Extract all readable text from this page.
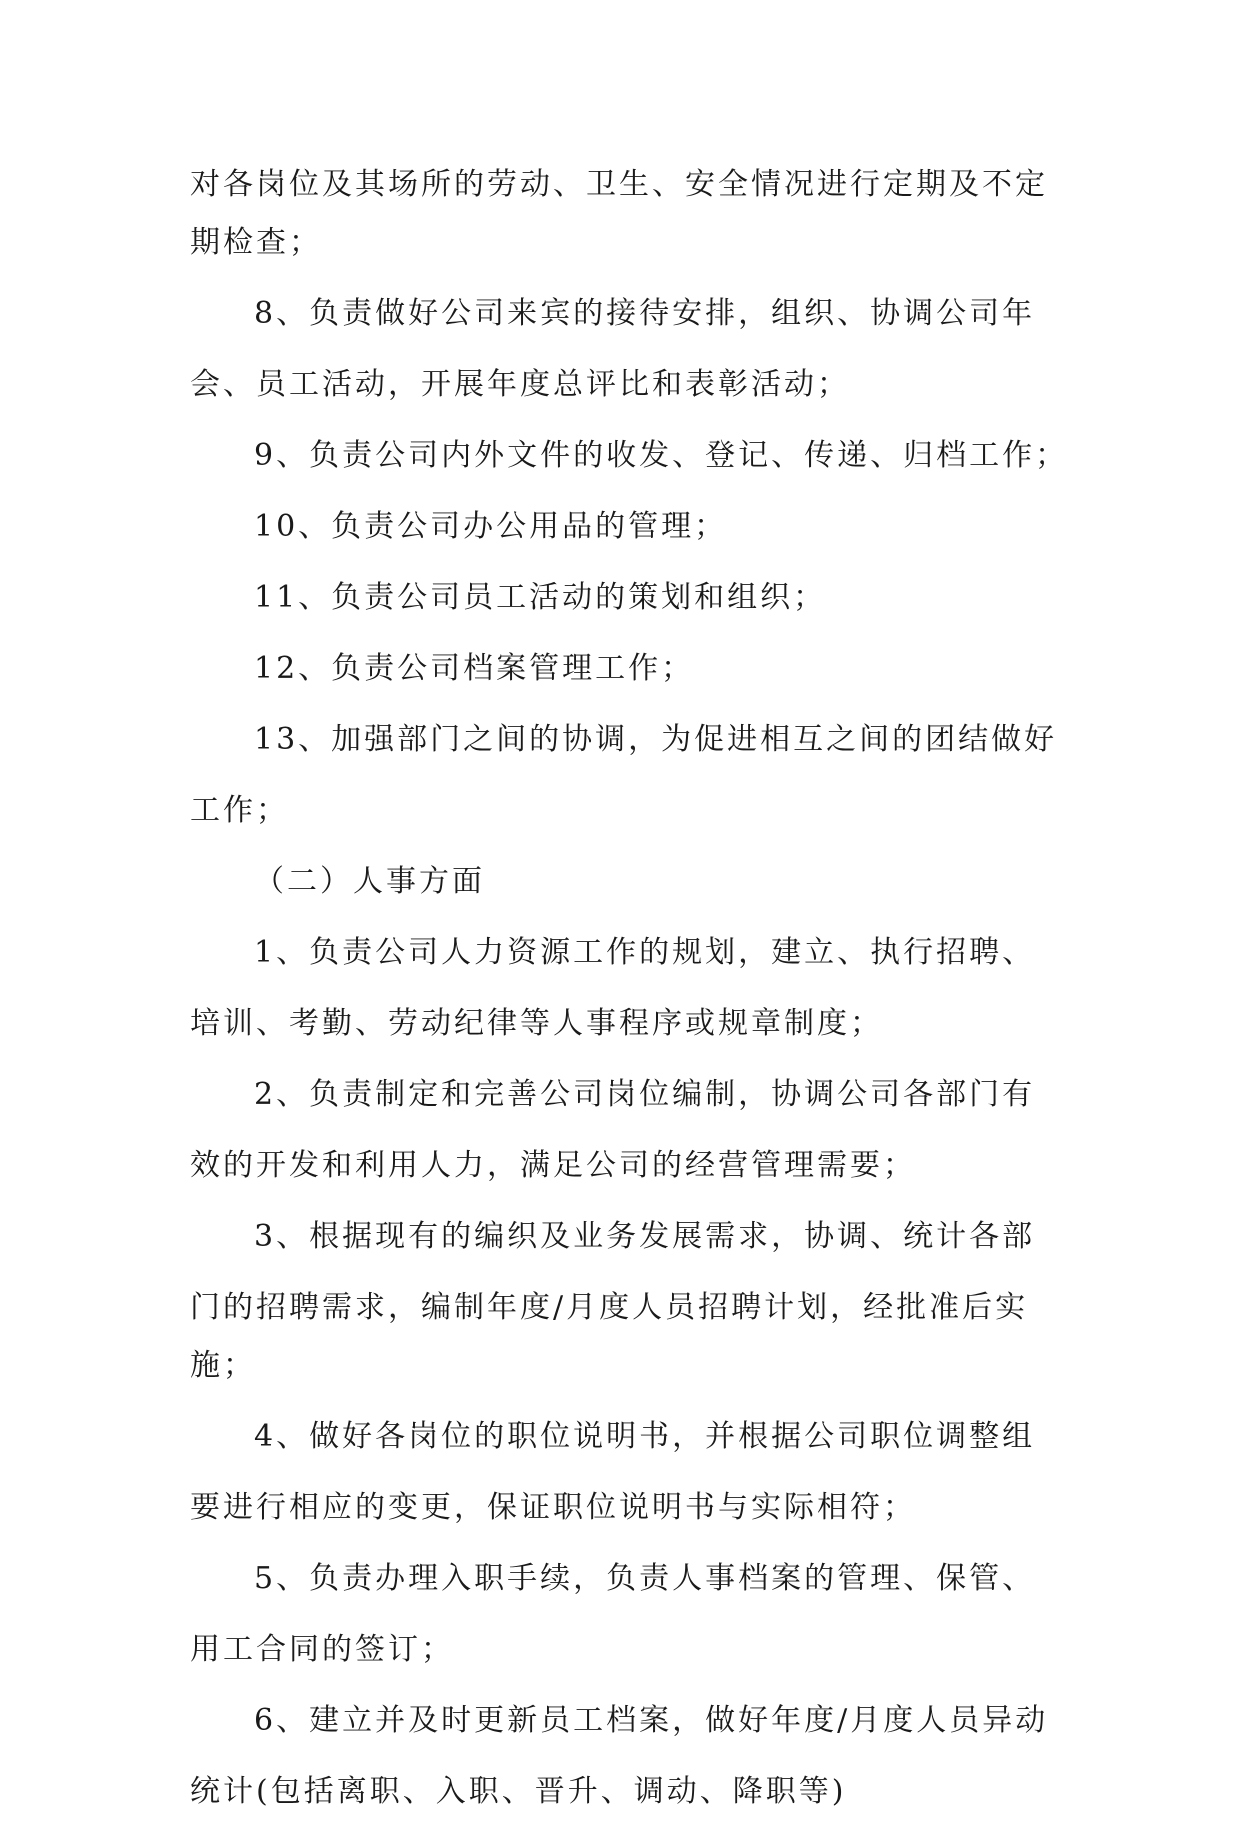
对各岗位及其场所的劳动、卫生、安全情况进行定期及不定
期检查；

8、负责做好公司来宾的接待安排，组织、协调公司年

会、员工活动，开展年度总评比和表彰活动；

9、负责公司内外文件的收发、登记、传递、归档工作；

10、负责公司办公用品的管理；

11、负责公司员工活动的策划和组织；

12、负责公司档案管理工作；

13、加强部门之间的协调，为促进相互之间的团结做好

工作；

（二）人事方面

1、负责公司人力资源工作的规划，建立、执行招聘、

培训、考勤、劳动纪律等人事程序或规章制度；

2、负责制定和完善公司岗位编制，协调公司各部门有

效的开发和利用人力，满足公司的经营管理需要；

3、根据现有的编织及业务发展需求，协调、统计各部

门的招聘需求，编制年度/月度人员招聘计划，经批准后实
施；

4、做好各岗位的职位说明书，并根据公司职位调整组

要进行相应的变更，保证职位说明书与实际相符；

5、负责办理入职手续，负责人事档案的管理、保管、

用工合同的签订；

6、建立并及时更新员工档案，做好年度/月度人员异动

统计(包括离职、入职、晋升、调动、降职等)
